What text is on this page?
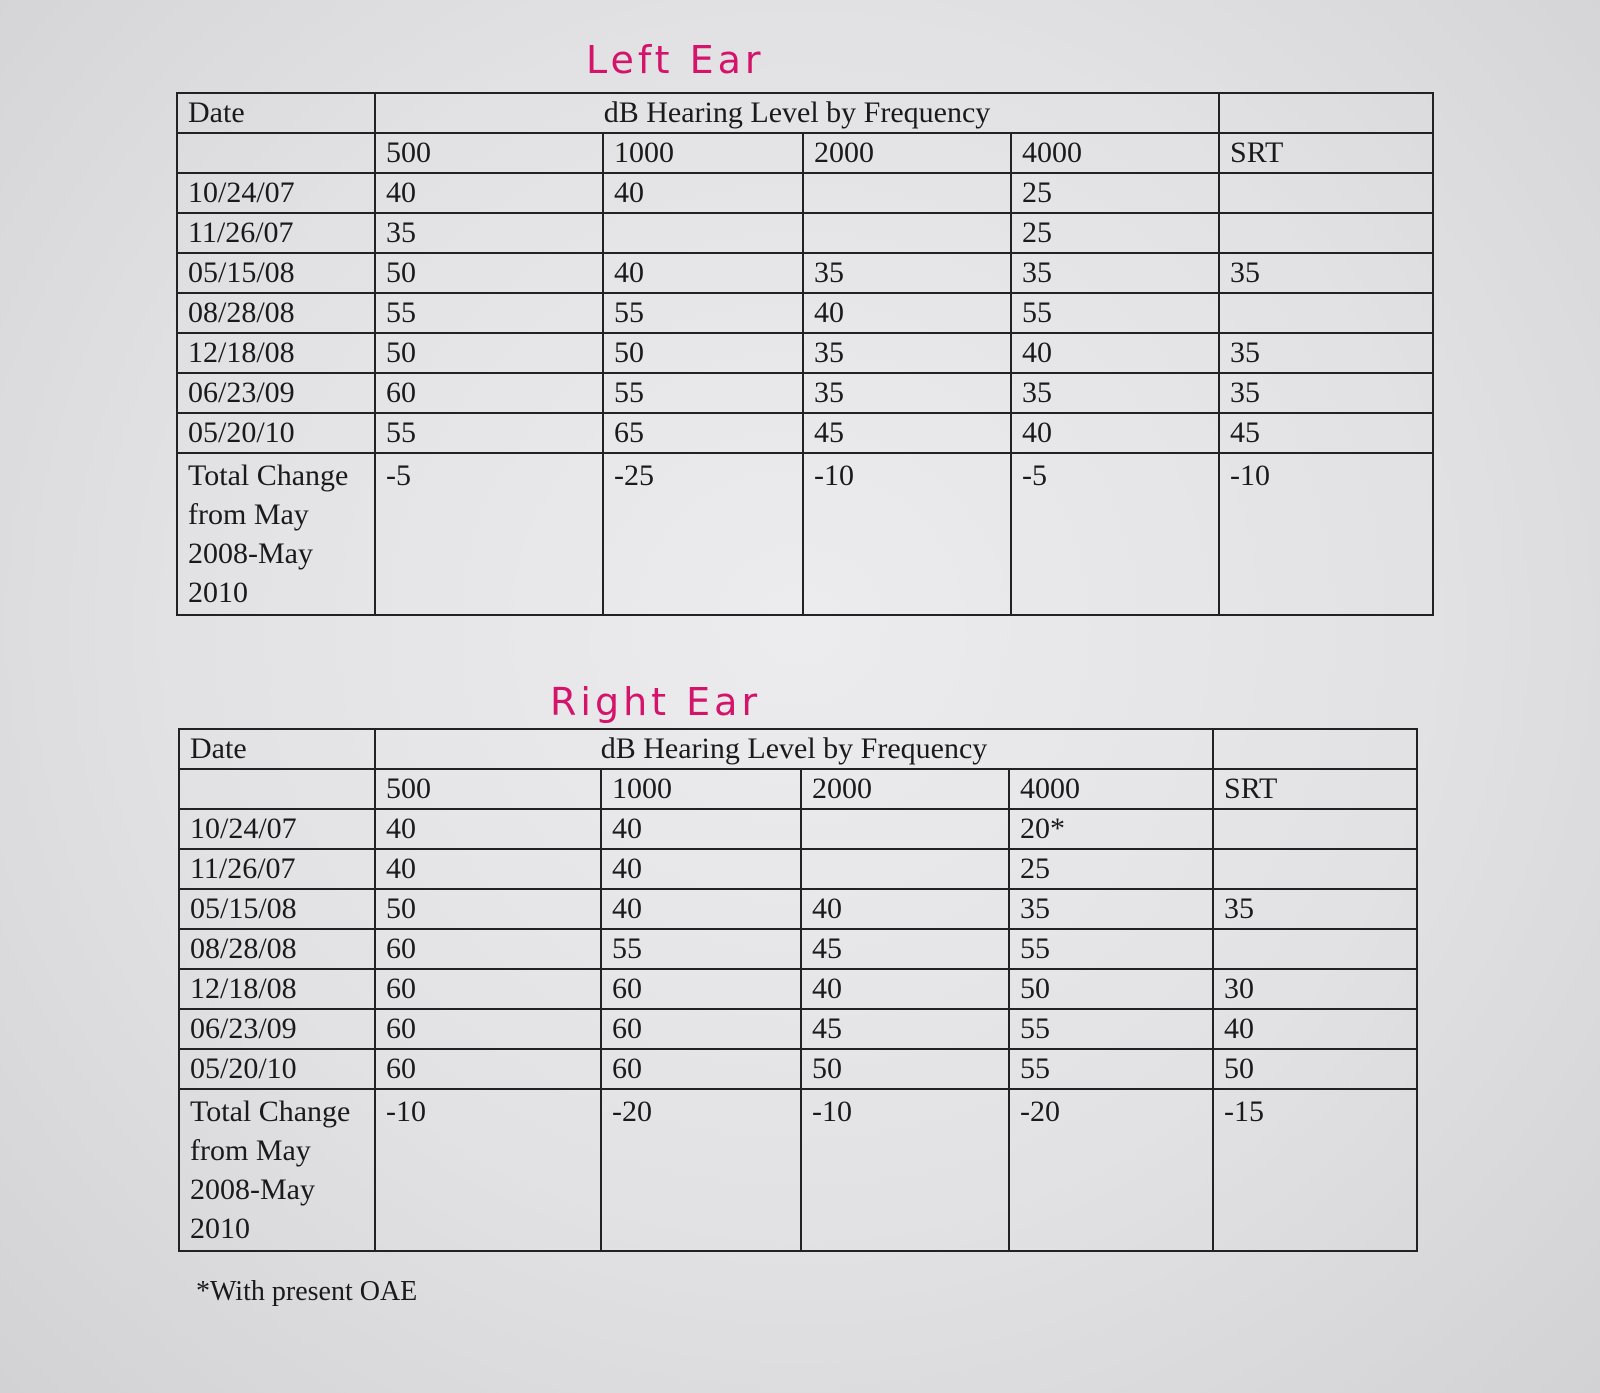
Left Ear
Date	dB Hearing Level by Frequency				
	500	1000	2000	4000	SRT
10/24/07	40	40		25	
11/26/07	35			25	
05/15/08	50	40	35	35	35
08/28/08	55	55	40	55	
12/18/08	50	50	35	40	35
06/23/09	60	55	35	35	35
05/20/10	55	65	45	40	45
Total Change from May 2008-May 2010	-5	-25	-10	-5	-10
Right Ear
Date	dB Hearing Level by Frequency				
	500	1000	2000	4000	SRT
10/24/07	40	40		20*	
11/26/07	40	40		25	
05/15/08	50	40	40	35	35
08/28/08	60	55	45	55	
12/18/08	60	60	40	50	30
06/23/09	60	60	45	55	40
05/20/10	60	60	50	55	50
Total Change from May 2008-May 2010	-10	-20	-10	-20	-15
*With present OAE
